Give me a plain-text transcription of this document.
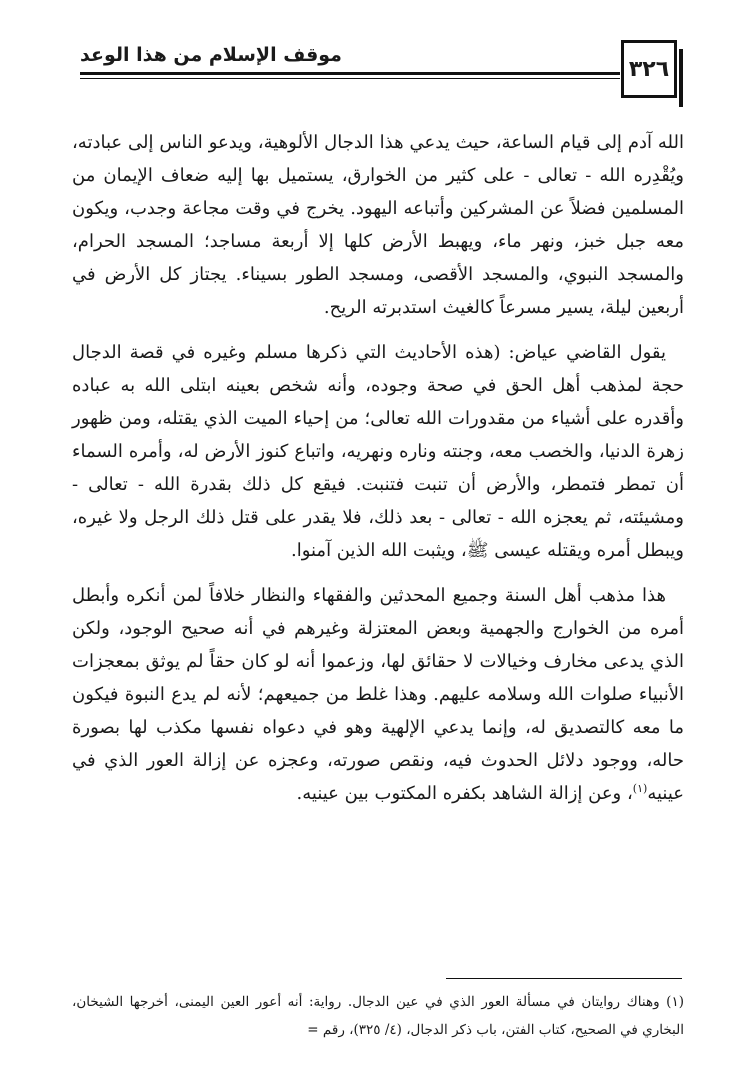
موقف الإسلام من هذا الوعد
٣٢٦

الله آدم إلى قيام الساعة، حيث يدعي هذا الدجال الألوهية، ويدعو الناس إلى عبادته، ويُقْدِره الله - تعالى - على كثير من الخوارق، يستميل بها إليه ضعاف الإيمان من المسلمين فضلاً عن المشركين وأتباعه اليهود. يخرج في وقت مجاعة وجدب، ويكون معه جبل خبز، ونهر ماء، ويهبط الأرض كلها إلا أربعة مساجد؛ المسجد الحرام، والمسجد النبوي، والمسجد الأقصى، ومسجد الطور بسيناء. يجتاز كل الأرض في أربعين ليلة، يسير مسرعاً كالغيث استدبرته الريح.

يقول القاضي عياض: (هذه الأحاديث التي ذكرها مسلم وغيره في قصة الدجال حجة لمذهب أهل الحق في صحة وجوده، وأنه شخص بعينه ابتلى الله به عباده وأقدره على أشياء من مقدورات الله تعالى؛ من إحياء الميت الذي يقتله، ومن ظهور زهرة الدنيا، والخصب معه، وجنته وناره ونهريه، واتباع كنوز الأرض له، وأمره السماء أن تمطر فتمطر، والأرض أن تنبت فتنبت. فيقع كل ذلك بقدرة الله - تعالى - ومشيئته، ثم يعجزه الله - تعالى - بعد ذلك، فلا يقدر على قتل ذلك الرجل ولا غيره، ويبطل أمره ويقتله عيسى ﷺ، ويثبت الله الذين آمنوا.

هذا مذهب أهل السنة وجميع المحدثين والفقهاء والنظار خلافاً لمن أنكره وأبطل أمره من الخوارج والجهمية وبعض المعتزلة وغيرهم في أنه صحيح الوجود، ولكن الذي يدعى مخارف وخيالات لا حقائق لها، وزعموا أنه لو كان حقاً لم يوثق بمعجزات الأنبياء صلوات الله وسلامه عليهم. وهذا غلط من جميعهم؛ لأنه لم يدع النبوة فيكون ما معه كالتصديق له، وإنما يدعي الإلهية وهو في دعواه نفسها مكذب لها بصورة حاله، ووجود دلائل الحدوث فيه، ونقص صورته، وعجزه عن إزالة العور الذي في عينيه$^{(١)}$، وعن إزالة الشاهد بكفره المكتوب بين عينيه.

(١) وهناك روايتان في مسألة العور الذي في عين الدجال. رواية: أنه أعور العين اليمنى، أخرجها الشيخان، البخاري في الصحيح، كتاب الفتن، باب ذكر الدجال، (٤/ ٣٢٥)، رقم =
